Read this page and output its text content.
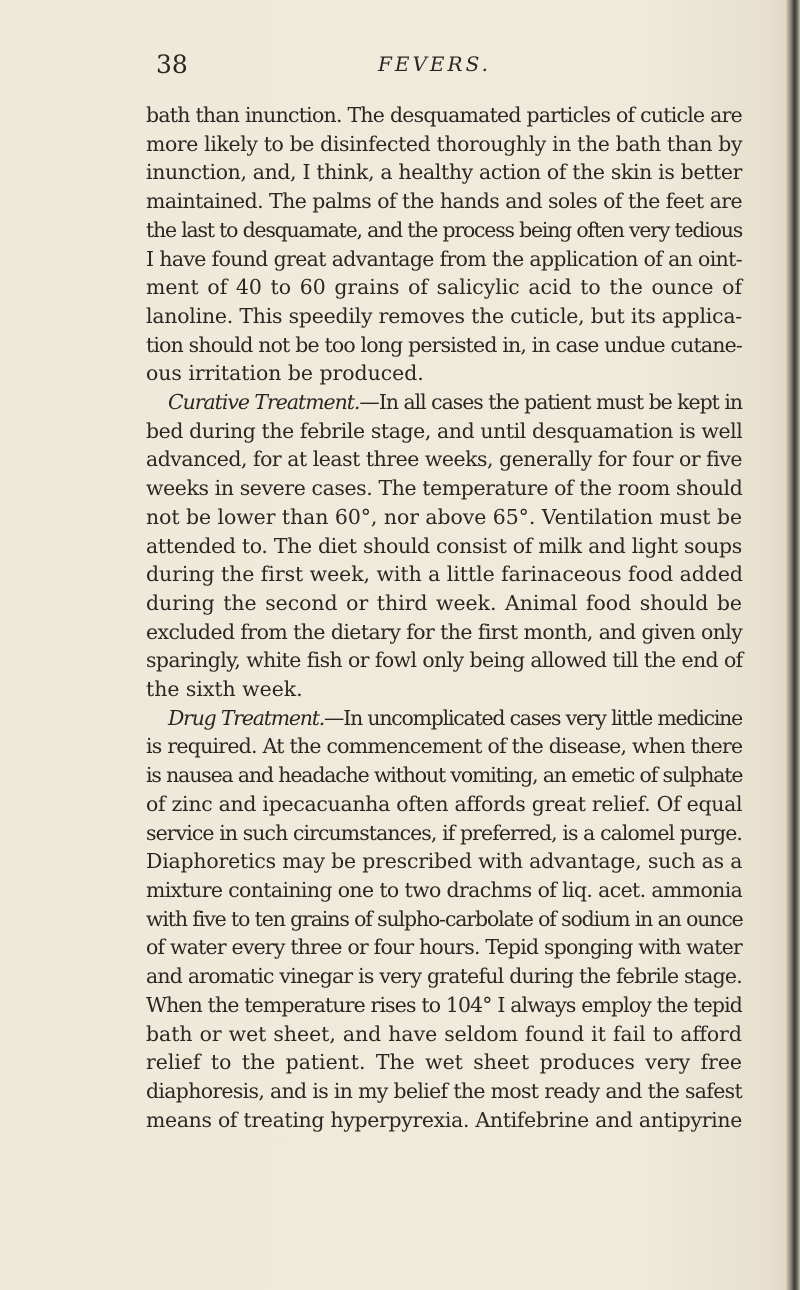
38	FEVERS.
bath than inunction. The desquamated particles of cuticle are
more likely to be disinfected thoroughly in the bath than by
inunction, and, I think, a healthy action of the skin is better
maintained. The palms of the hands and soles of the feet are
the last to desquamate, and the process being often very tedious
I have found great advantage from the application of an oint-
ment of 40 to 60 grains of salicylic acid to the ounce of
lanoline. This speedily removes the cuticle, but its applica-
tion should not be too long persisted in, in case undue cutane-
ous irritation be produced.
Curative Treatment.—In all cases the patient must be kept in
bed during the febrile stage, and until desquamation is well
advanced, for at least three weeks, generally for four or five
weeks in severe cases. The temperature of the room should
not be lower than 60°, nor above 65°. Ventilation must be
attended to. The diet should consist of milk and light soups
during the first week, with a little farinaceous food added
during the second or third week. Animal food should be
excluded from the dietary for the first month, and given only
sparingly, white fish or fowl only being allowed till the end of
the sixth week.
Drug Treatment.—In uncomplicated cases very little medicine
is required. At the commencement of the disease, when there
is nausea and headache without vomiting, an emetic of sulphate
of zinc and ipecacuanha often affords great relief. Of equal
service in such circumstances, if preferred, is a calomel purge.
Diaphoretics may be prescribed with advantage, such as a
mixture containing one to two drachms of liq. acet. ammonia
with five to ten grains of sulpho-carbolate of sodium in an ounce
of water every three or four hours. Tepid sponging with water
and aromatic vinegar is very grateful during the febrile stage.
When the temperature rises to 104° I always employ the tepid
bath or wet sheet, and have seldom found it fail to afford
relief to the patient. The wet sheet produces very free
diaphoresis, and is in my belief the most ready and the safest
means of treating hyperpyrexia. Antifebrine and antipyrine
